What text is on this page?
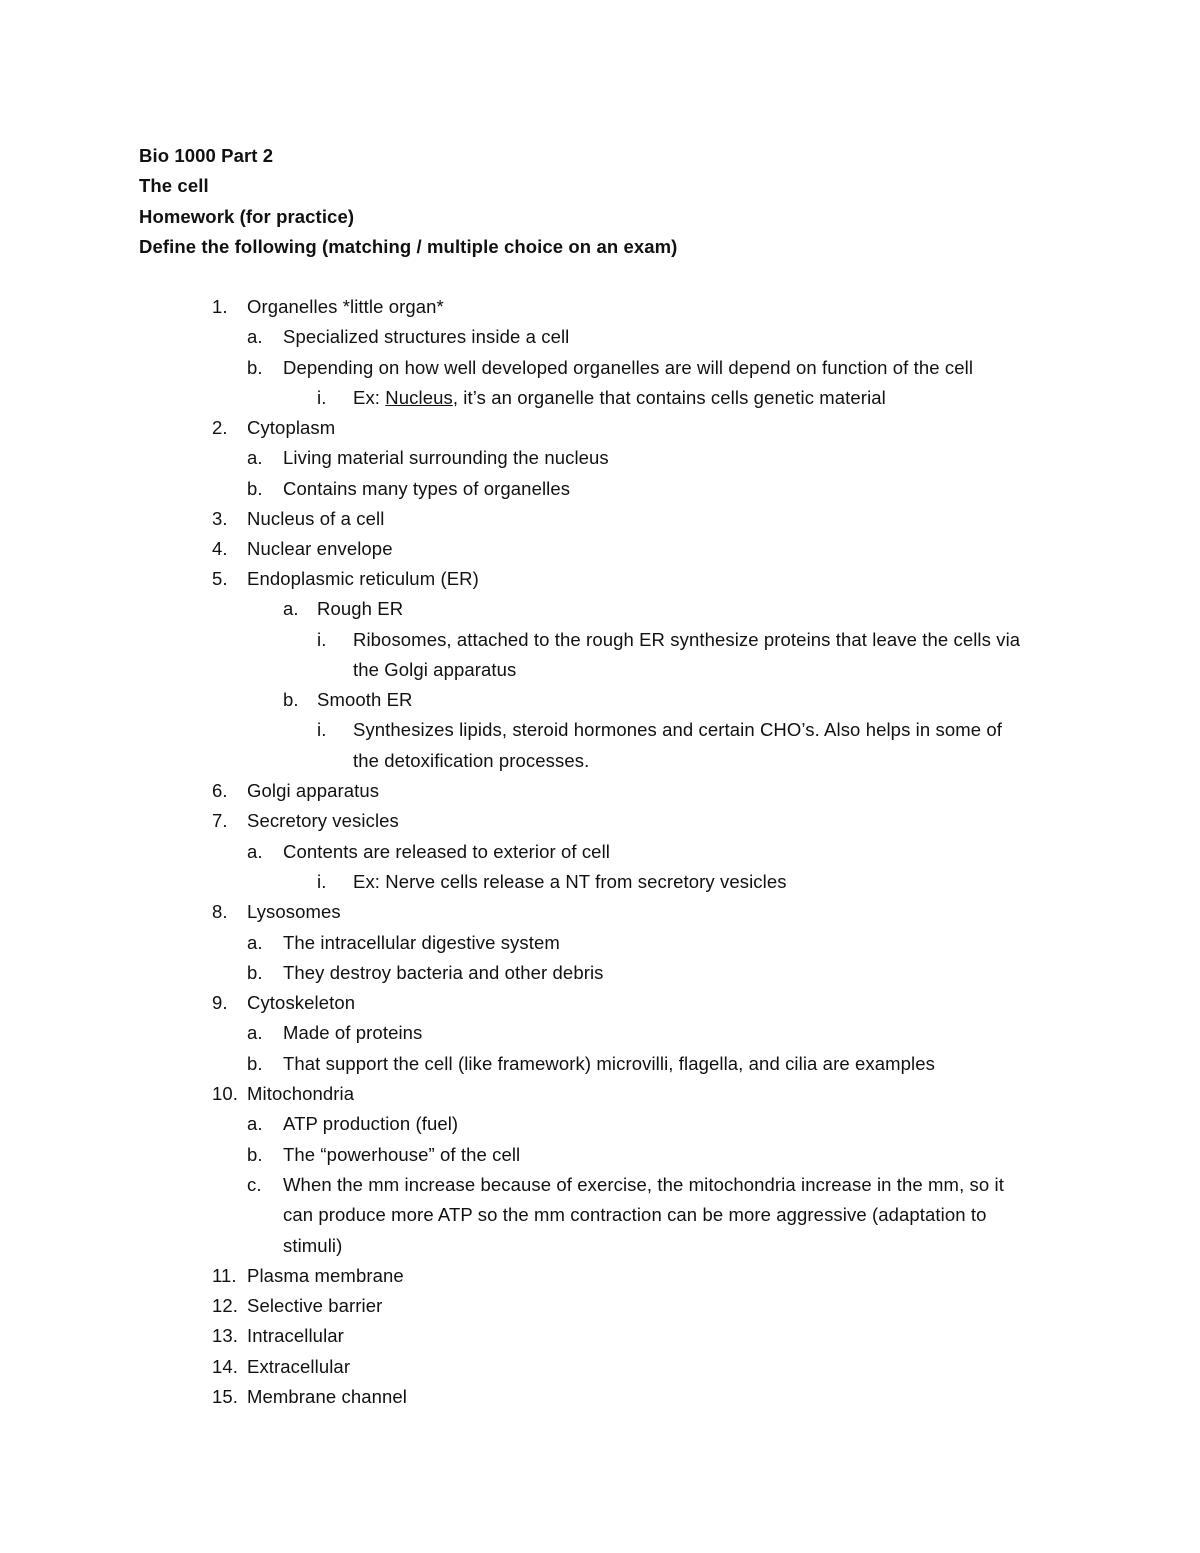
Bio 1000 Part 2
The cell
Homework (for practice)
Define the following (matching / multiple choice on an exam)
1. Organelles *little organ*
a. Specialized structures inside a cell
b. Depending on how well developed organelles are will depend on function of the cell
i. Ex: Nucleus, it’s an organelle that contains cells genetic material
2. Cytoplasm
a. Living material surrounding the nucleus
b. Contains many types of organelles
3. Nucleus of a cell
4. Nuclear envelope
5. Endoplasmic reticulum (ER)
a. Rough ER
i. Ribosomes, attached to the rough ER synthesize proteins that leave the cells via
the Golgi apparatus
b. Smooth ER
i. Synthesizes lipids, steroid hormones and certain CHO’s. Also helps in some of
the detoxification processes.
6. Golgi apparatus
7. Secretory vesicles
a. Contents are released to exterior of cell
i. Ex: Nerve cells release a NT from secretory vesicles
8. Lysosomes
a. The intracellular digestive system
b. They destroy bacteria and other debris
9. Cytoskeleton
a. Made of proteins
b. That support the cell (like framework) microvilli, flagella, and cilia are examples
10. Mitochondria
a. ATP production (fuel)
b. The “powerhouse” of the cell
c. When the mm increase because of exercise, the mitochondria increase in the mm, so it
can produce more ATP so the mm contraction can be more aggressive (adaptation to
stimuli)
11. Plasma membrane
12. Selective barrier
13. Intracellular
14. Extracellular
15. Membrane channel
